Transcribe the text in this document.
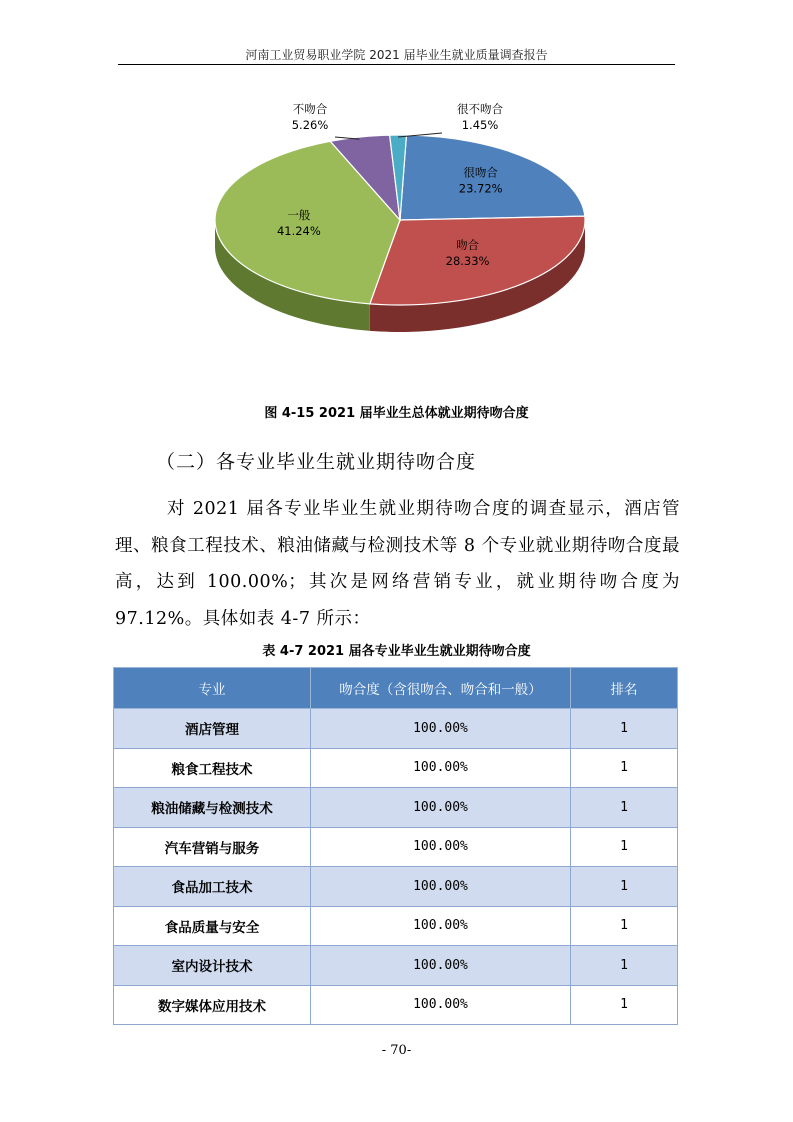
河南工业贸易职业学院 2021 届毕业生就业质量调查报告
很吻合
23.72%
吻合
28.33%
一般
41.24%
不吻合
5.26%
很不吻合
1.45%
图 4-15 2021 届毕业生总体就业期待吻合度
（二）各专业毕业生就业期待吻合度
对 2021 届各专业毕业生就业期待吻合度的调查显示，酒店管理、粮食工程技术、粮油储藏与检测技术等 8 个专业就业期待吻合度最高，达到 100.00%；其次是网络营销专业，就业期待吻合度为 97.12%。具体如表 4-7 所示：
表 4-7 2021 届各专业毕业生就业期待吻合度
专业	吻合度（含很吻合、吻合和一般）	排名
酒店管理	100.00%	1
粮食工程技术	100.00%	1
粮油储藏与检测技术	100.00%	1
汽车营销与服务	100.00%	1
食品加工技术	100.00%	1
食品质量与安全	100.00%	1
室内设计技术	100.00%	1
数字媒体应用技术	100.00%	1
- 70-
